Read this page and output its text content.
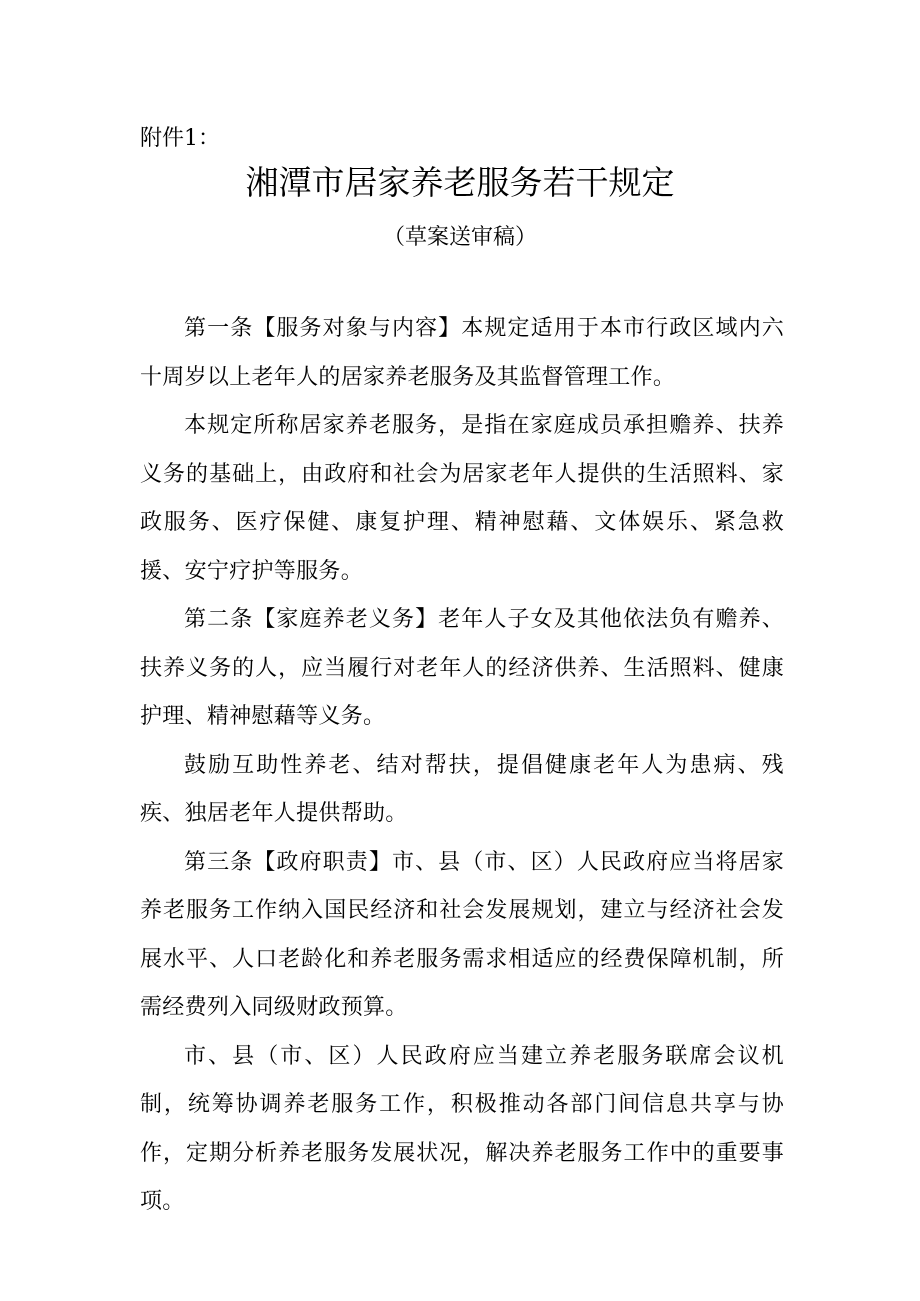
附件1：
湘潭市居家养老服务若干规定
（草案送审稿）

第一条【服务对象与内容】本规定适用于本市行政区域内六十周岁以上老年人的居家养老服务及其监督管理工作。

本规定所称居家养老服务，是指在家庭成员承担赡养、扶养义务的基础上，由政府和社会为居家老年人提供的生活照料、家政服务、医疗保健、康复护理、精神慰藉、文体娱乐、紧急救援、安宁疗护等服务。

第二条【家庭养老义务】老年人子女及其他依法负有赡养、扶养义务的人，应当履行对老年人的经济供养、生活照料、健康护理、精神慰藉等义务。

鼓励互助性养老、结对帮扶，提倡健康老年人为患病、残疾、独居老年人提供帮助。

第三条【政府职责】市、县（市、区）人民政府应当将居家养老服务工作纳入国民经济和社会发展规划，建立与经济社会发展水平、人口老龄化和养老服务需求相适应的经费保障机制，所需经费列入同级财政预算。

市、县（市、区）人民政府应当建立养老服务联席会议机制，统筹协调养老服务工作，积极推动各部门间信息共享与协作，定期分析养老服务发展状况，解决养老服务工作中的重要事项。
